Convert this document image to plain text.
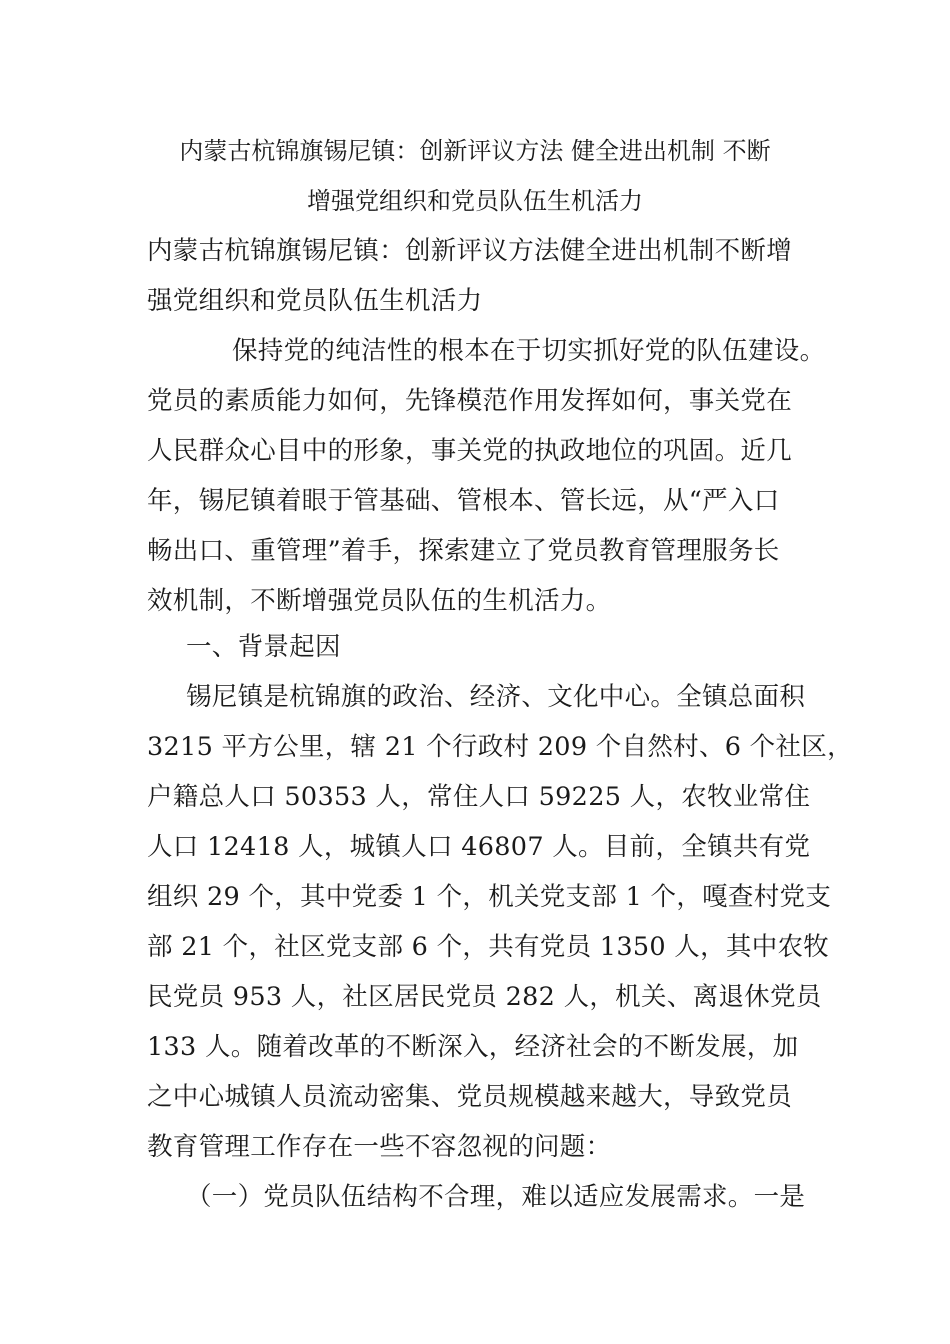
内蒙古杭锦旗锡尼镇：创新评议方法 健全进出机制 不断
增强党组织和党员队伍生机活力
内蒙古杭锦旗锡尼镇：创新评议方法健全进出机制不断增
强党组织和党员队伍生机活力
保持党的纯洁性的根本在于切实抓好党的队伍建设。
党员的素质能力如何，先锋模范作用发挥如何，事关党在
人民群众心目中的形象，事关党的执政地位的巩固。近几
年，锡尼镇着眼于管基础、管根本、管长远，从“严入口
畅出口、重管理”着手，探索建立了党员教育管理服务长
效机制，不断增强党员队伍的生机活力。
一、背景起因
锡尼镇是杭锦旗的政治、经济、文化中心。全镇总面积
3215 平方公里，辖 21 个行政村 209 个自然村、6 个社区，
户籍总人口 50353 人，常住人口 59225 人，农牧业常住
人口 12418 人，城镇人口 46807 人。目前，全镇共有党
组织 29 个，其中党委 1 个，机关党支部 1 个，嘎查村党支
部 21 个，社区党支部 6 个，共有党员 1350 人，其中农牧
民党员 953 人，社区居民党员 282 人，机关、离退休党员
133 人。随着改革的不断深入，经济社会的不断发展，加
之中心城镇人员流动密集、党员规模越来越大，导致党员
教育管理工作存在一些不容忽视的问题：
（一）党员队伍结构不合理，难以适应发展需求。一是
